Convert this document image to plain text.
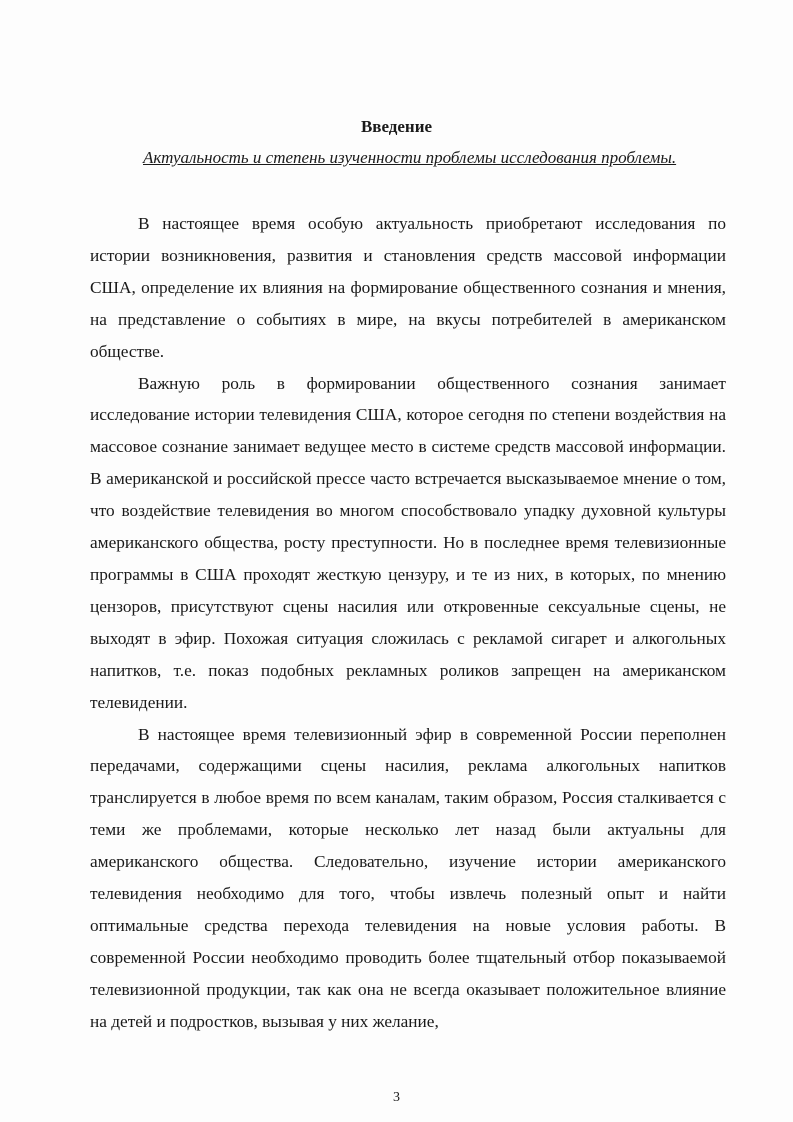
Введение
Актуальность и степень изученности проблемы исследования проблемы.

В настоящее время особую актуальность приобретают исследования по истории возникновения, развития и становления средств массовой информации США, определение их влияния на формирование общественного сознания и мнения, на представление о событиях в мире, на вкусы потребителей в американском обществе.

Важную роль в формировании общественного сознания занимает исследование истории телевидения США, которое сегодня по степени воздействия на массовое сознание занимает ведущее место в системе средств массовой информации. В американской и российской прессе часто встречается высказываемое мнение о том, что воздействие телевидения во многом способствовало упадку духовной культуры американского общества, росту преступности. Но в последнее время телевизионные программы в США проходят жесткую цензуру, и те из них, в которых, по мнению цензоров, присутствуют сцены насилия или откровенные сексуальные сцены, не выходят в эфир. Похожая ситуация сложилась с рекламой сигарет и алкогольных напитков, т.е. показ подобных рекламных роликов запрещен на американском телевидении.

В настоящее время телевизионный эфир в современной России переполнен передачами, содержащими сцены насилия, реклама алкогольных напитков транслируется в любое время по всем каналам, таким образом, Россия сталкивается с теми же проблемами, которые несколько лет назад были актуальны для американского общества. Следовательно, изучение истории американского телевидения необходимо для того, чтобы извлечь полезный опыт и найти оптимальные средства перехода телевидения на новые условия работы. В современной России необходимо проводить более тщательный отбор показываемой телевизионной продукции, так как она не всегда оказывает положительное влияние на детей и подростков, вызывая у них желание,

3
